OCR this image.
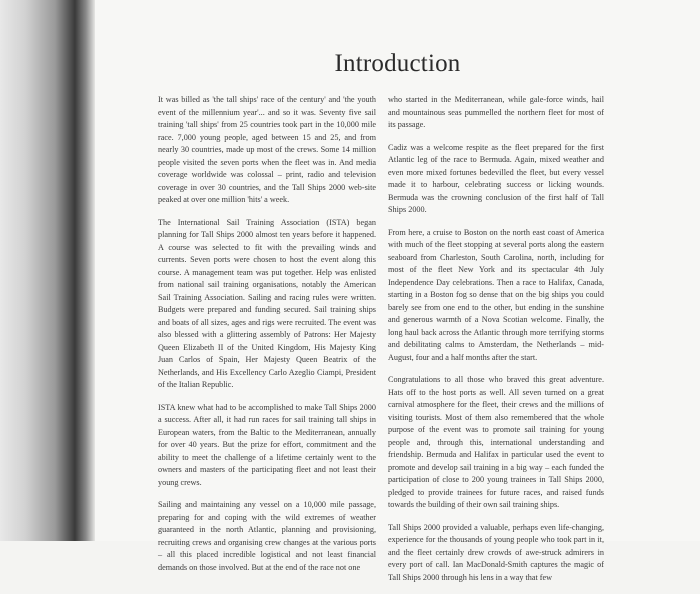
Introduction

It was billed as 'the tall ships' race of the century' and 'the youth event of the millennium year'... and so it was. Seventy five sail training 'tall ships' from 25 countries took part in the 10,000 mile race. 7,000 young people, aged between 15 and 25, and from nearly 30 countries, made up most of the crews. Some 14 million people visited the seven ports when the fleet was in. And media coverage worldwide was colossal – print, radio and television coverage in over 30 countries, and the Tall Ships 2000 web-site peaked at over one million 'hits' a week.

The International Sail Training Association (ISTA) began planning for Tall Ships 2000 almost ten years before it happened. A course was selected to fit with the prevailing winds and currents. Seven ports were chosen to host the event along this course. A management team was put together. Help was enlisted from national sail training organisations, notably the American Sail Training Association. Sailing and racing rules were written. Budgets were prepared and funding secured. Sail training ships and boats of all sizes, ages and rigs were recruited. The event was also blessed with a glittering assembly of Patrons: Her Majesty Queen Elizabeth II of the United Kingdom, His Majesty King Juan Carlos of Spain, Her Majesty Queen Beatrix of the Netherlands, and His Excellency Carlo Azeglio Ciampi, President of the Italian Republic.

ISTA knew what had to be accomplished to make Tall Ships 2000 a success. After all, it had run races for sail training tall ships in European waters, from the Baltic to the Mediterranean, annually for over 40 years. But the prize for effort, commitment and the ability to meet the challenge of a lifetime certainly went to the owners and masters of the participating fleet and not least their young crews.

Sailing and maintaining any vessel on a 10,000 mile passage, preparing for and coping with the wild extremes of weather guaranteed in the north Atlantic, planning and provisioning, recruiting crews and organising crew changes at the various ports – all this placed incredible logistical and not least financial demands on those involved. But at the end of the race not one

who started in the Mediterranean, while gale-force winds, hail and mountainous seas pummelled the northern fleet for most of its passage.

Cadiz was a welcome respite as the fleet prepared for the first Atlantic leg of the race to Bermuda. Again, mixed weather and even more mixed fortunes bedevilled the fleet, but every vessel made it to harbour, celebrating success or licking wounds. Bermuda was the crowning conclusion of the first half of Tall Ships 2000.

From here, a cruise to Boston on the north east coast of America with much of the fleet stopping at several ports along the eastern seaboard from Charleston, South Carolina, north, including for most of the fleet New York and its spectacular 4th July Independence Day celebrations. Then a race to Halifax, Canada, starting in a Boston fog so dense that on the big ships you could barely see from one end to the other, but ending in the sunshine and generous warmth of a Nova Scotian welcome. Finally, the long haul back across the Atlantic through more terrifying storms and debilitating calms to Amsterdam, the Netherlands – mid-August, four and a half months after the start.

Congratulations to all those who braved this great adventure. Hats off to the host ports as well. All seven turned on a great carnival atmosphere for the fleet, their crews and the millions of visiting tourists. Most of them also remembered that the whole purpose of the event was to promote sail training for young people and, through this, international understanding and friendship. Bermuda and Halifax in particular used the event to promote and develop sail training in a big way – each funded the participation of close to 200 young trainees in Tall Ships 2000, pledged to provide trainees for future races, and raised funds towards the building of their own sail training ships.

Tall Ships 2000 provided a valuable, perhaps even life-changing, experience for the thousands of young people who took part in it, and the fleet certainly drew crowds of awe-struck admirers in every port of call. Ian MacDonald-Smith captures the magic of Tall Ships 2000 through his lens in a way that few
